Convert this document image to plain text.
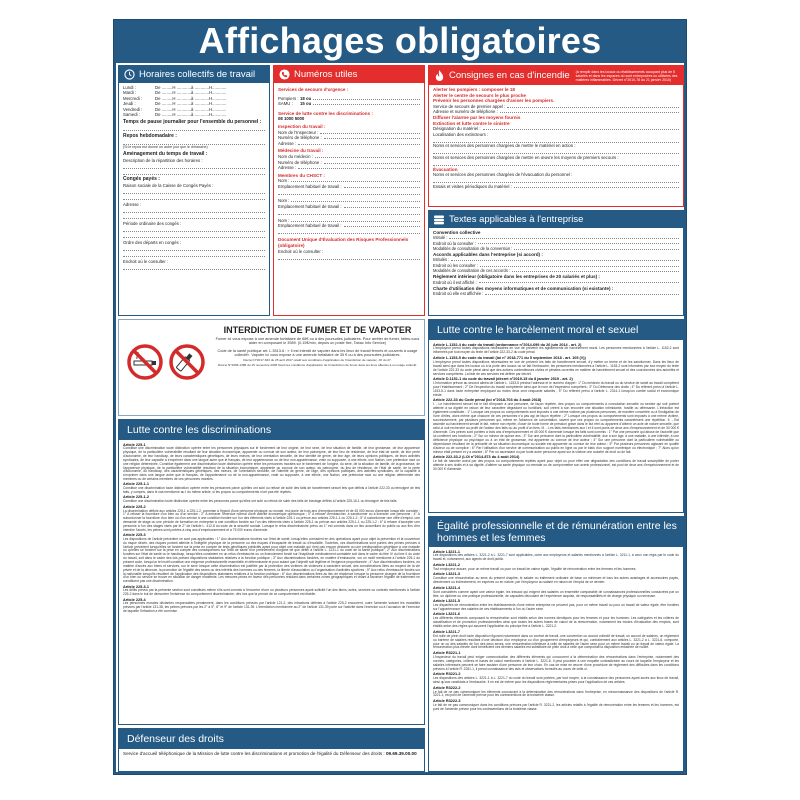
Affichages obligatoires
Horaires collectifs de travail
Lundi :	De .........H ............à ............H............
Mardi :	De .........H ............à ............H............
Mercredi :	De .........H ............à ............H............
Jeudi :	De .........H ............à ............H............
Vendredi :	De .........H ............à ............H............
Samedi :	De .........H ............à ............H............
Temps de pause journalier pour l'ensemble du personnel :
Repos hebdomadaire :
(Si le repos est donné un autre jour que le dimanche)
Aménagement du temps de travail :
Description de la répartition des horaires :
Congés payés :
Raison sociale de la Caisse de Congés Payés :
Adresse :
Période ordinaire des congés :
Ordre des départs en congés :
Endroit où le consulter :
Numéros utiles
Services de secours d'urgence :
Pompiers : 18 ou
SAMU :	15 ou
Service de lutte contre les discriminations :
08 1000 5000
Inspection du travail :
Nom de l'Inspecteur :
Numéro de téléphone :
Adresse :
Médecine du travail :
Nom du médecin :
Numéro de téléphone :
Adresse :
Membres du CHSCT :
Nom :
Emplacement habituel de travail :
Nom :
Emplacement habituel de travail :
Nom :
Emplacement habituel de travail :
Document Unique d'Évaluation des Risques Professionnels (obligatoire)
Endroit où le consulter :
Consignes en cas d'incendie (à remplir dans les locaux ou établissements occupant plus de 5 salariés et dans les espaces où sont entreposées ou utilisées des matières inflammables. Décret n°2010-78 du 21 janvier 2010)
Alerter les pompiers : composer le 18
Alerter le centre de secours le plus proche
Prévenir les personnes chargées d'aviser les pompiers.
Service de secours de premier appel :
Adresse et numéro de téléphone :
Diffuser l'alarme par les moyens fournis
Extinction et lutte contre le sinistre
Désignation du matériel :
Localisation des extincteurs :
Noms et services des personnes chargées de mettre le matériel en action :
Noms et services des personnes chargées de mettre en œuvre les moyens de premiers secours :
Évacuation
Noms et services des personnes chargées de l'évacuation du personnel :
Essais et visites périodiques du matériel :
Textes applicables à l'entreprise
Convention collective
Intitulé :
Endroit où la consulter :
Modalités de consultation de la convention :
Accords applicables dans l'entreprise (si accord) :
Intitulés :
Endroit où les consulter :
Modalités de consultation de ces accords :
Règlement intérieur (obligatoire dans les entreprises de 20 salariés et plus) :
Endroit où il est affiché :
Charte d'utilisation des moyens informatiques et de communication (si existante) :
Endroit où elle est affichée :
INTERDICTION DE FUMER ET DE VAPOTER
Fumer ici vous expose à une amende forfaitaire de 68€ ou à des poursuites judiciaires. Pour arrêter de fumer, faites-vous aider en composant le 3989. (0,15€/min, depuis un poste fixe, Tabac Info Service)
Code de la santé publique art. L.3513-6 : « Il est interdit de vapoter dans les lieux de travail fermés et couverts à usage collectif». Vapoter ici vous expose à une amende forfaitaire de 35 € ou à des poursuites judiciaires.
Décret N°2017-633 du 25 avril 2017 relatif aux conditions d'application de l'interdiction de vapoter, JO du 27.
Décret N°2006-1386 du 15 novembre 2006 fixant les conditions d'application de l'interdiction de fumer dans les lieux affectés à un usage collectif.
Lutte contre le harcèlement moral et sexuel
Article L.1152-4 du code du travail (ordonnance n°2014-699 du 26 juin 2014 - art. 2)
L'employeur prend toutes dispositions nécessaires en vue de prévenir les agissements de harcèlement moral. Les personnes mentionnées à l'article L. 1152-2 sont informées par tout moyen du texte de l'article 222-33-2 du code pénal.
Article L.1153-5 du code du travail (loi n° 2018-771 du 5 septembre 2018 - art. 105 (V))
L'employeur prend toutes dispositions nécessaires en vue de prévenir les faits de harcèlement sexuel, d'y mettre un terme et de les sanctionner. Dans les lieux de travail ainsi que dans les locaux où à la porte des locaux où se fait l'embauche, les personnes mentionnées à l'article L. 1153-2 sont informées par tout moyen du texte de l'article 222-33 du code pénal ainsi que des actions contentieuses civiles et pénales ouvertes en matière de harcèlement sexuel et des coordonnées des autorités et services compétents. La liste de ces services est définie par décret.
Article D.1151-1 du code du travail (décret n°2019-15 du 8 janvier 2019 - art. 2)
L'information prévue au second alinéa de l'article L. 1153-5 précise l'adresse et le numéro d'appel : 1° Du médecin du travail ou du service de santé au travail compétent pour l'établissement ; 2° De l'inspection du travail compétente ainsi que le nom de l'inspecteur compétent ; 3° Du Défenseur des droits ; 4° Du référent prévu à l'article L. 1153-5-1 dans toute entreprise employant au moins deux cent cinquante salariés ; 5° Du référent prévu à l'article L. 2314-1 lorsqu'un comité social et économique existe.
Article 222-33 du Code pénal (loi n°2018-703 du 3 août 2018)
I. - Le harcèlement sexuel est le fait d'imposer à une personne, de façon répétée, des propos ou comportements à connotation sexuelle ou sexiste qui soit portent atteinte à sa dignité en raison de leur caractère dégradant ou humiliant, soit créent à son encontre une situation intimidante, hostile ou offensante. L'infraction est également constituée : 1° Lorsque ces propos ou comportements sont imposés à une même victime par plusieurs personnes, de manière concertée ou à l'instigation de l'une d'elles, alors même que chacune de ces personnes n'a pas agi de façon répétée ; 2° Lorsque ces propos ou comportements sont imposés à une même victime, successivement, par plusieurs personnes qui, même en l'absence de concertation, savent que ces propos ou comportements caractérisent une répétition. II. - Est assimilé au harcèlement sexuel le fait, même non répété, d'user de toute forme de pression grave dans le but réel ou apparent d'obtenir un acte de nature sexuelle, que celui-ci soit recherché au profit de l'auteur des faits ou au profit d'un tiers. III. - Les faits mentionnés aux I et II sont punis de deux ans d'emprisonnement et de 30 000 € d'amende. Ces peines sont portées à trois ans d'emprisonnement et 45 000 € d'amende lorsque les faits sont commis : 1° Par une personne qui abuse de l'autorité que lui confèrent ses fonctions ; 2° Sur un mineur de quinze ans ; 3° Sur une personne dont la particulière vulnérabilité, due à son âge, à une maladie, à une infirmité, à une déficience physique ou psychique ou à un état de grossesse, est apparente ou connue de leur auteur ; 4° Sur une personne dont la particulière vulnérabilité ou dépendance résultant de la précarité de sa situation économique ou sociale est apparente ou connue de leur auteur ; 5° Par plusieurs personnes agissant en qualité d'auteur ou de complice ; 6° Par l'utilisation d'un service de communication au public en ligne ou par le biais d'un support numérique ou électronique ; 7° Alors qu'un mineur était présent et y a assisté ; 8° Par un ascendant ou par toute autre personne ayant sur la victime une autorité de droit ou de fait.
Article 222-33-2 (LOI n°2014-873 du 4 août 2014)
Le fait de harceler autrui par des propos ou comportements répétés ayant pour objet ou pour effet une dégradation des conditions de travail susceptible de porter atteinte à ses droits et à sa dignité, d'altérer sa santé physique ou mentale ou de compromettre son avenir professionnel, est puni de deux ans d'emprisonnement et de 30 000 € d'amende.
Lutte contre les discriminations
Article 225-1
Constitue une discrimination toute distinction opérée entre les personnes physiques sur le fondement de leur origine, de leur sexe, de leur situation de famille, de leur grossesse, de leur apparence physique, de la particulière vulnérabilité résultant de leur situation économique, apparente ou connue de son auteur, de leur patronyme, de leur lieu de résidence, de leur état de santé, de leur perte d'autonomie, de leur handicap, de leurs caractéristiques génétiques, de leurs mœurs, de leur orientation sexuelle, de leur identité de genre, de leur âge, de leurs opinions politiques, de leurs activités syndicales, de leur capacité à s'exprimer dans une langue autre que le français, de leur appartenance ou de leur non-appartenance, vraie ou supposée, à une ethnie, une Nation, une prétendue race ou une religion déterminée. Constitue également une discrimination toute distinction opérée entre les personnes morales sur le fondement de l'origine, du sexe, de la situation de famille, de la grossesse, de l'apparence physique, de la particulière vulnérabilité résultant de la situation économique, apparente ou connue de son auteur, du patronyme, du lieu de résidence, de l'état de santé, de la perte d'autonomie, du handicap, des caractéristiques génétiques, des mœurs, de l'orientation sexuelle, de l'identité de genre, de l'âge, des opinions politiques, des activités syndicales, de la capacité à s'exprimer dans une langue autre que le français, de l'appartenance ou de la non-appartenance, vraie ou supposée, à une ethnie, une Nation, une prétendue race ou une religion déterminée des membres ou de certains membres de ces personnes morales.
Article 225-1-1
Constitue une discrimination toute distinction opérée entre les personnes parce qu'elles ont subi ou refusé de subir des faits de harcèlement sexuel tels que définis à l'article 222-33 ou témoigné de tels faits, y compris, dans le cas mentionné au I du même article, si les propos ou comportements n'ont pas été répétés.
Article 225-1-2
Constitue une discrimination toute distinction opérée entre les personnes parce qu'elles ont subi ou refusé de subir des faits de bizutage définis à l'article 225-16-1 ou témoigné de tels faits.
Article 225-2
La discrimination définie aux articles 225-1 à 225-1-2, commise à l'égard d'une personne physique ou morale, est punie de trois ans d'emprisonnement et de 45 000 euros d'amende lorsqu'elle consiste : 1° A refuser la fourniture d'un bien ou d'un service ; 2° A entraver l'exercice normal d'une activité économique quelconque ; 3° A refuser d'embaucher, à sanctionner ou à licencier une personne ; 4° A subordonner la fourniture d'un bien ou d'un service à une condition fondée sur l'un des éléments visés à l'article 225-1 ou prévue aux articles 225-1-1 ou 225-1-2 ; 5° A subordonner une offre d'emploi, une demande de stage ou une période de formation en entreprise à une condition fondée sur l'un des éléments visés à l'article 225-1 ou prévue aux articles 225-1-1 ou 225-1-2 ; 6° A refuser d'accepter une personne à l'un des stages visés par le 2° de l'article L. 412-8 du code de la sécurité sociale. Lorsque le refus discriminatoire prévu au 1° est commis dans un lieu accueillant du public ou aux fins d'en interdire l'accès, les peines sont portées à cinq ans d'emprisonnement et à 75 000 euros d'amende.
Article 225-3
Les dispositions de l'article précédent ne sont pas applicables : 1° Aux discriminations fondées sur l'état de santé, lorsqu'elles consistent en des opérations ayant pour objet la prévention et la couverture du risque décès, des risques portant atteinte à l'intégrité physique de la personne ou des risques d'incapacité de travail ou d'invalidité. Toutefois, ces discriminations sont punies des peines prévues à l'article précédent lorsqu'elles se fondent sur la prise en compte de tests génétiques prédictifs ayant pour objet une maladie qui n'est pas encore déclarée ou une prédisposition génétique à une maladie ou qu'elles se fondent sur la prise en compte des conséquences sur l'état de santé d'un prélèvement d'organe tel que défini à l'article L. 1231-1 du code de la santé publique ; 2° Aux discriminations fondées sur l'état de santé ou le handicap, lorsqu'elles consistent en un refus d'embauche ou un licenciement fondé sur l'inaptitude médicalement constatée soit dans le cadre du titre IV du livre II du code du travail, soit dans le cadre des lois portant dispositions statutaires relatives à la fonction publique ; 3° Aux discriminations fondées, en matière d'embauche, sur un motif mentionné à l'article 225-1 du présent code, lorsqu'un tel motif constitue une exigence professionnelle essentielle et déterminante et pour autant que l'objectif soit légitime et l'exigence proportionnée ; 4° Aux discriminations fondées, en matière d'accès aux biens et services, sur le sexe lorsque cette discrimination est justifiée par la protection des victimes de violences à caractère sexuel, des considérations liées au respect de la vie privée et de la décence, la promotion de l'égalité des sexes ou des intérêts des hommes ou des femmes, la liberté d'association ou l'organisation d'activités sportives ; 5° Aux refus d'embauche fondés sur la nationalité lorsqu'ils résultent de l'application des dispositions statutaires relatives à la fonction publique ; 6° Aux discriminations liées au lieu de résidence lorsque la personne chargée de la fourniture d'un bien ou service se trouve en situation de danger manifeste. Les mesures prises en faveur des personnes résidant dans certaines zones géographiques et visant à favoriser l'égalité de traitement ne constituent pas une discrimination.
Article 225-3-1
Les délits prévus par la présente section sont constitués même s'ils sont commis à l'encontre d'une ou plusieurs personnes ayant sollicité l'un des biens, actes, services ou contrats mentionnés à l'article 225-2 dans le but de démontrer l'existence du comportement discriminatoire, dès lors que la preuve de ce comportement est établie.
Article 225-4
Les personnes morales déclarées responsables pénalement, dans les conditions prévues par l'article 121-2, des infractions définies à l'article 225-2 encourent, outre l'amende suivant les modalités prévues par l'article 131-38, les peines prévues par les 2° à 5°, 8° et 9° de l'article 131-39. L'interdiction mentionnée au 2° de l'article 131-39 porte sur l'activité dans l'exercice ou à l'occasion de l'exercice de laquelle l'infraction a été commise.
Égalité professionnelle et de rémunération entre les hommes et les femmes
Article L3221-1
Les dispositions des articles L. 3221-2 à L. 3221-7 sont applicables, outre aux employeurs et salariés mentionnés à l'article L. 3211-1, à ceux non régis par le code du travail et, notamment, aux agents de droit public.
Article L3221-2
Tout employeur assure, pour un même travail ou pour un travail de valeur égale, l'égalité de rémunération entre les femmes et les hommes.
Article L3221-3
Constitue une rémunération au sens du présent chapitre, le salaire ou traitement ordinaire de base ou minimum et tous les autres avantages et accessoires payés, directement ou indirectement, en espèces ou en nature, par l'employeur au salarié en raison de l'emploi de ce dernier.
Article L3221-4
Sont considérés comme ayant une valeur égale, les travaux qui exigent des salariés un ensemble comparable de connaissances professionnelles consacrées par un titre, un diplôme ou une pratique professionnelle, de capacités découlant de l'expérience acquise, de responsabilités et de charge physique ou nerveuse.
Article L3221-5
Les disparités de rémunération entre les établissements d'une même entreprise ne peuvent pas, pour un même travail ou pour un travail de valeur égale, être fondées sur l'appartenance des salariés de ces établissements à l'un ou l'autre sexe.
Article L3221-6
Les différents éléments composant la rémunération sont établis selon des normes identiques pour les femmes et pour les hommes. Les catégories et les critères de classification et de promotion professionnelles ainsi que toutes les autres bases de calcul de la rémunération, notamment les modes d'évaluation des emplois, sont établis selon des règles qui assurent l'application du principe fixé à l'article L. 3221-2.
Article L3221-7
Est nulle de plein droit toute disposition figurant notamment dans un contrat de travail, une convention ou accord collectif de travail, un accord de salaires, un règlement ou barème de salaires résultant d'une décision d'un employeur ou d'un groupement d'employeurs et qui, contrairement aux articles L. 3221-2 à L. 3221-6, comporte, pour un ou des salariés de l'un des deux sexes, une rémunération inférieure à celle de salariés de l'autre sexe pour un même travail ou un travail de valeur égale. La rémunération plus élevée dont bénéficient ces derniers salariés est substituée de plein droit à celle que comportait la disposition entachée de nullité.
Article R3221-1
L'inspecteur du travail peut exiger communication des différents éléments qui concourent à la détermination des rémunérations dans l'entreprise, notamment des normes, catégories, critères et bases de calcul mentionnés à l'article L. 3221-6. Il peut procéder à une enquête contradictoire au cours de laquelle l'employeur et les salariés intéressés peuvent se faire assister d'une personne de leur choix. En cas de mise en œuvre d'une procédure de règlement des difficultés dans les conditions prévues à l'article R. 2261-1, il prend connaissance des avis et observations formulés au cours de celle-ci.
Article R3221-2
Les dispositions des articles L. 3221-1 à L. 3221-7 du code du travail sont portées, par tout moyen, à la connaissance des personnes ayant accès aux lieux de travail, ainsi qu'aux candidats à l'embauche. Il en est de même pour les dispositions réglementaires prises pour l'application de ces articles.
Article R3222-2
Le fait de ne pas communiquer les éléments concourant à la détermination des rémunérations dans l'entreprise, en méconnaissance des dispositions de l'article R. 3221-1, est puni de l'amende prévue pour les contraventions de la troisième classe.
Article R3222-3
Le fait de ne pas communiquer dans les conditions prévues par l'article R. 3221-2, les articles relatifs à l'égalité de rémunération entre les femmes et les hommes, est puni de l'amende prévue pour les contraventions de la troisième classe.
Défenseur des droits
Service d'accueil téléphonique de la Mission de lutte contre les discriminations et promotion de l'égalité du Défenseur des droits : 09.69.39.00.00
